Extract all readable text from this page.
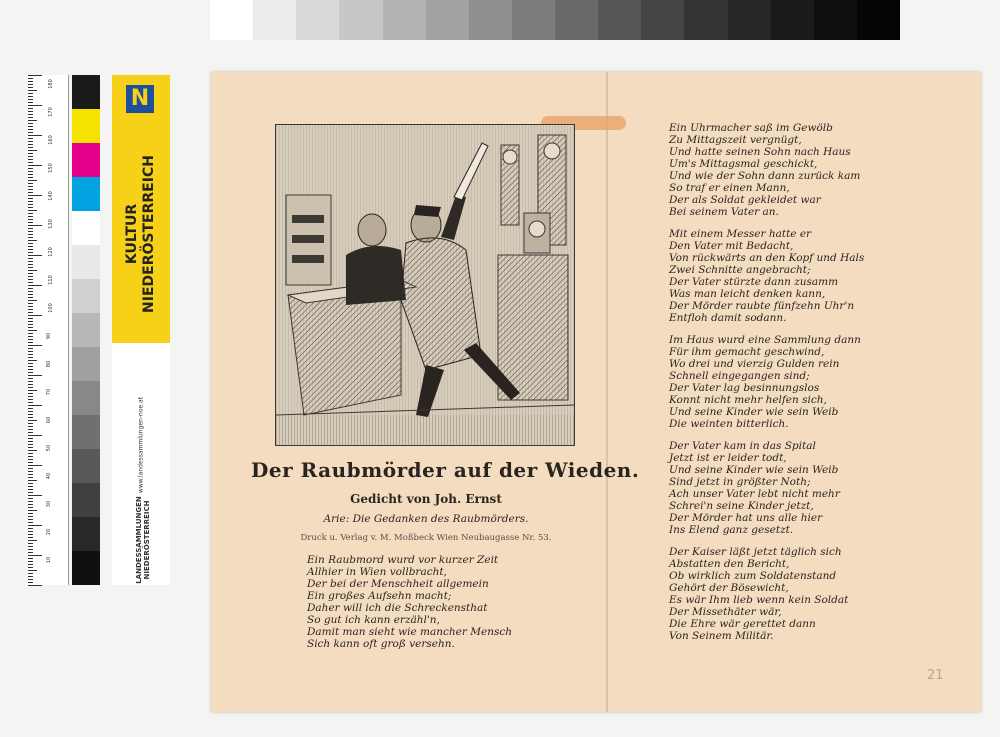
180
170
160
150
140
130
120
110
100
90
80
70
60
50
40
30
20
10
N
KULTUR NIEDERÖSTERREICH
www.landessammlungen-noe.at
LANDESSAMMLUNGEN NIEDERÖSTERREICH
Der Raubmörder auf der Wieden.
Gedicht von Joh. Ernst
Arie: Die Gedanken des Raubmörders.
Druck u. Verlag v. M. Moßbeck Wien Neubaugasse Nr. 53.
Ein Raubmord wurd vor kurzer Zeit
Allhier in Wien vollbracht,
Der bei der Menschheit allgemein
Ein großes Aufsehn macht;
Daher will ich die Schreckensthat
So gut ich kann erzähl'n,
Damit man sieht wie mancher Mensch
Sich kann oft groß versehn.
Ein Uhrmacher saß im Gewölb
Zu Mittagszeit vergnügt,
Und hatte seinen Sohn nach Haus
Um's Mittagsmal geschickt,
Und wie der Sohn dann zurück kam
So traf er einen Mann,
Der als Soldat gekleidet war
Bei seinem Vater an.
Mit einem Messer hatte er
Den Vater mit Bedacht,
Von rückwärts an den Kopf und Hals
Zwei Schnitte angebracht;
Der Vater stürzte dann zusamm
Was man leicht denken kann,
Der Mörder raubte fünfzehn Uhr'n
Entfloh damit sodann.
Im Haus wurd eine Sammlung dann
Für ihm gemacht geschwind,
Wo drei und vierzig Gulden rein
Schnell eingegangen sind;
Der Vater lag besinnungslos
Konnt nicht mehr helfen sich,
Und seine Kinder wie sein Weib
Die weinten bitterlich.
Der Vater kam in das Spital
Jetzt ist er leider todt,
Und seine Kinder wie sein Weib
Sind jetzt in größter Noth;
Ach unser Vater lebt nicht mehr
Schrei'n seine Kinder jetzt,
Der Mörder hat uns alle hier
Ins Elend ganz gesetzt.
Der Kaiser läßt jetzt täglich sich
Abstatten den Bericht,
Ob wirklich zum Soldatenstand
Gehört der Bösewicht,
Es wär Ihm lieb wenn kein Soldat
Der Missethäter wär,
Die Ehre wär gerettet dann
Von Seinem Militär.
21
